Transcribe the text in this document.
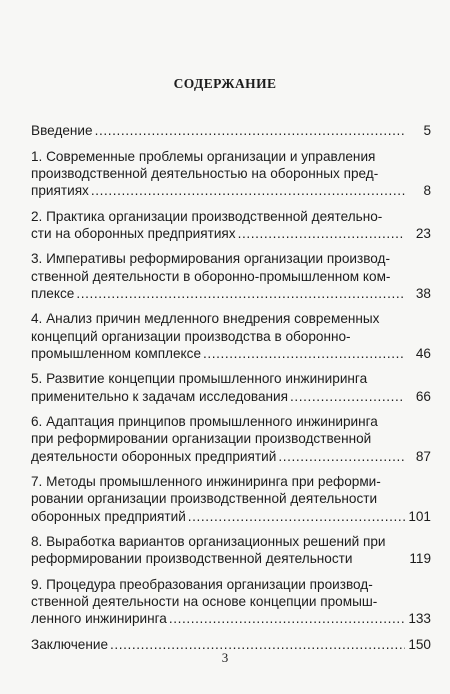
СОДЕРЖАНИЕ
Введение .....	5
1. Современные проблемы организации и управления
производственной деятельностью на оборонных пред-
приятиях .....	8
2. Практика организации производственной деятельно-
сти на оборонных предприятиях .....	23
3. Императивы реформирования организации производ-
ственной деятельности в оборонно-промышленном ком-
плексе .....	38
4. Анализ причин медленного внедрения современных
концепций организации производства в оборонно-
промышленном комплексе .....	46
5. Развитие концепции промышленного инжиниринга
применительно к задачам исследования .....	66
6. Адаптация принципов промышленного инжиниринга
при реформировании организации производственной
деятельности оборонных предприятий .....	87
7. Методы промышленного инжиниринга при реформи-
ровании организации производственной деятельности
оборонных предприятий .....	101
8. Выработка вариантов организационных решений при
реформировании производственной деятельности	119
9. Процедура преобразования организации производ-
ственной деятельности на основе концепции промыш-
ленного инжиниринга .....	133
Заключение .....	150
3
